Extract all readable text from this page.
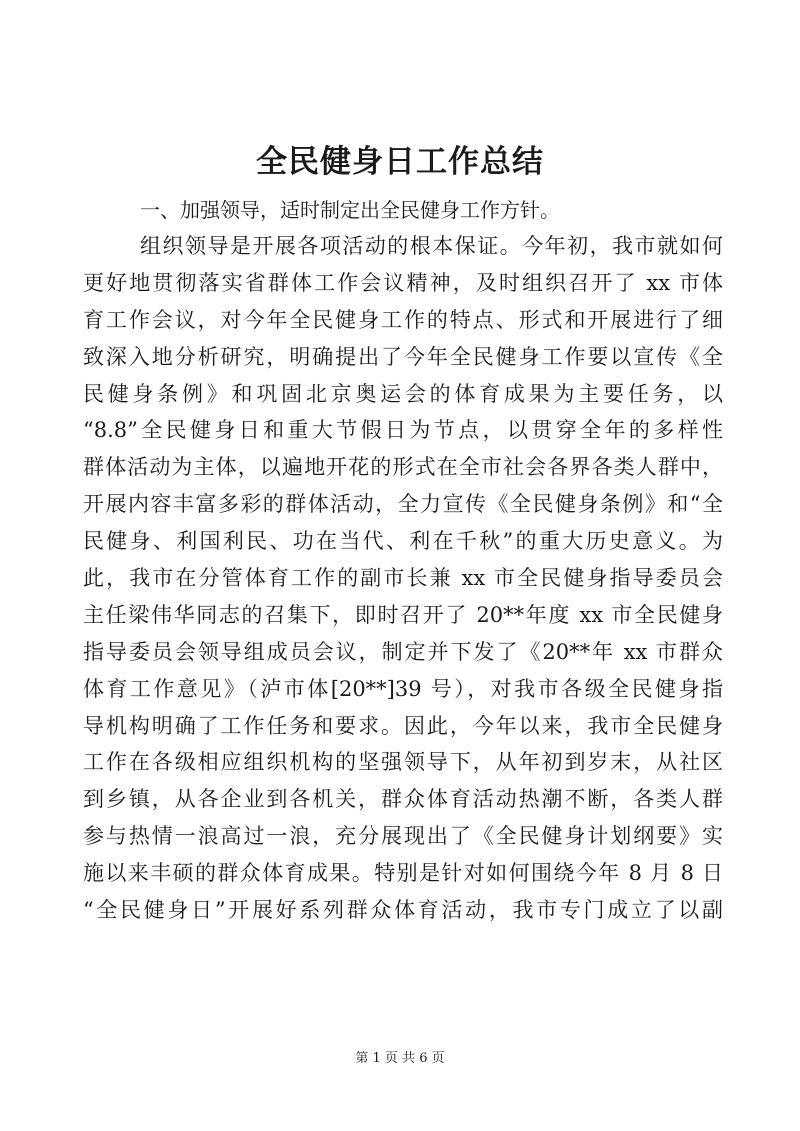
全民健身日工作总结

一、加强领导，适时制定出全民健身工作方针。

组织领导是开展各项活动的根本保证。今年初，我市就如何
更好地贯彻落实省群体工作会议精神，及时组织召开了 xx 市体
育工作会议，对今年全民健身工作的特点、形式和开展进行了细
致深入地分析研究，明确提出了今年全民健身工作要以宣传《全
民健身条例》和巩固北京奥运会的体育成果为主要任务，以
“8.8”全民健身日和重大节假日为节点，以贯穿全年的多样性
群体活动为主体，以遍地开花的形式在全市社会各界各类人群中，
开展内容丰富多彩的群体活动，全力宣传《全民健身条例》和“全
民健身、利国利民、功在当代、利在千秋”的重大历史意义。为
此，我市在分管体育工作的副市长兼 xx 市全民健身指导委员会
主任梁伟华同志的召集下，即时召开了 20**年度 xx 市全民健身
指导委员会领导组成员会议，制定并下发了《20**年 xx 市群众
体育工作意见》（泸市体[20**]39 号），对我市各级全民健身指
导机构明确了工作任务和要求。因此，今年以来，我市全民健身
工作在各级相应组织机构的坚强领导下，从年初到岁末，从社区
到乡镇，从各企业到各机关，群众体育活动热潮不断，各类人群
参与热情一浪高过一浪，充分展现出了《全民健身计划纲要》实
施以来丰硕的群众体育成果。特别是针对如何围绕今年 8 月 8 日
“全民健身日”开展好系列群众体育活动，我市专门成立了以副
第 1 页 共 6 页
